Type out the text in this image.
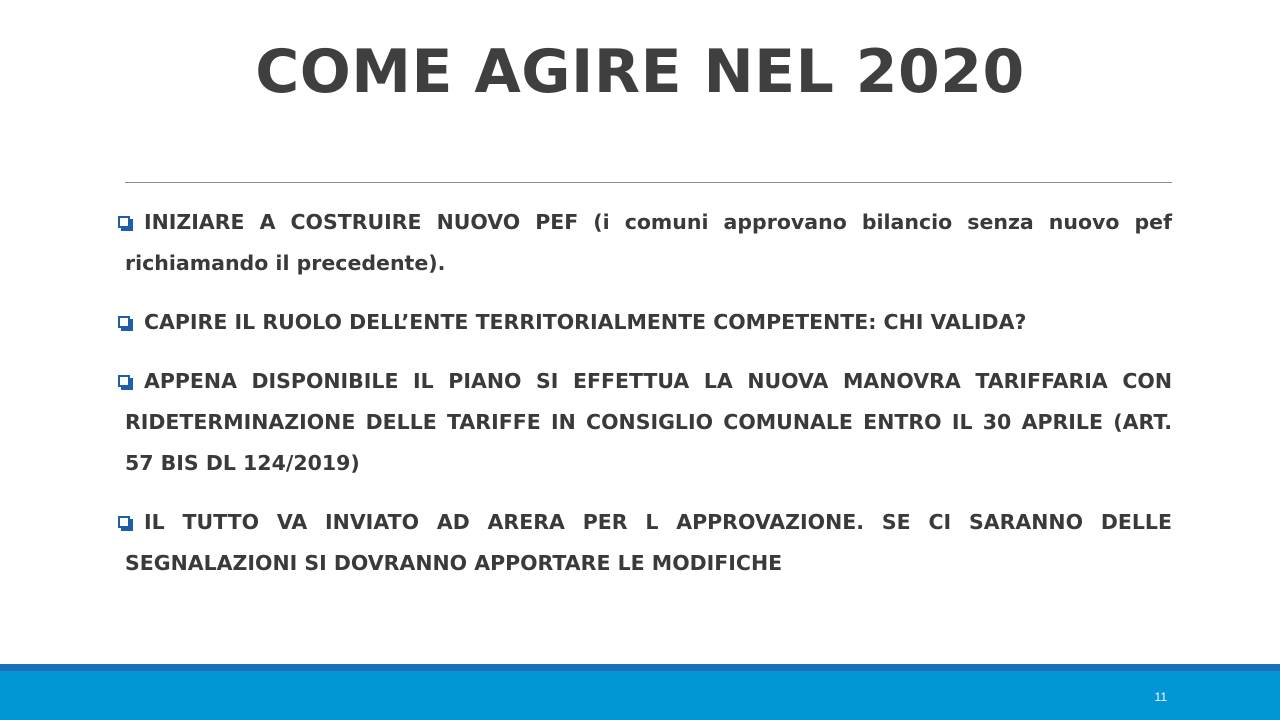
COME AGIRE NEL 2020

INIZIARE A COSTRUIRE NUOVO PEF (i comuni approvano bilancio senza nuovo pef richiamando il precedente).

CAPIRE IL RUOLO DELL’ENTE TERRITORIALMENTE COMPETENTE: CHI VALIDA?

APPENA DISPONIBILE IL PIANO SI EFFETTUA LA NUOVA MANOVRA TARIFFARIA CON RIDETERMINAZIONE DELLE TARIFFE IN CONSIGLIO COMUNALE ENTRO IL 30 APRILE (ART. 57 BIS DL 124/2019)

IL TUTTO VA INVIATO AD ARERA PER L APPROVAZIONE. SE CI SARANNO DELLE SEGNALAZIONI SI DOVRANNO APPORTARE LE MODIFICHE

11
